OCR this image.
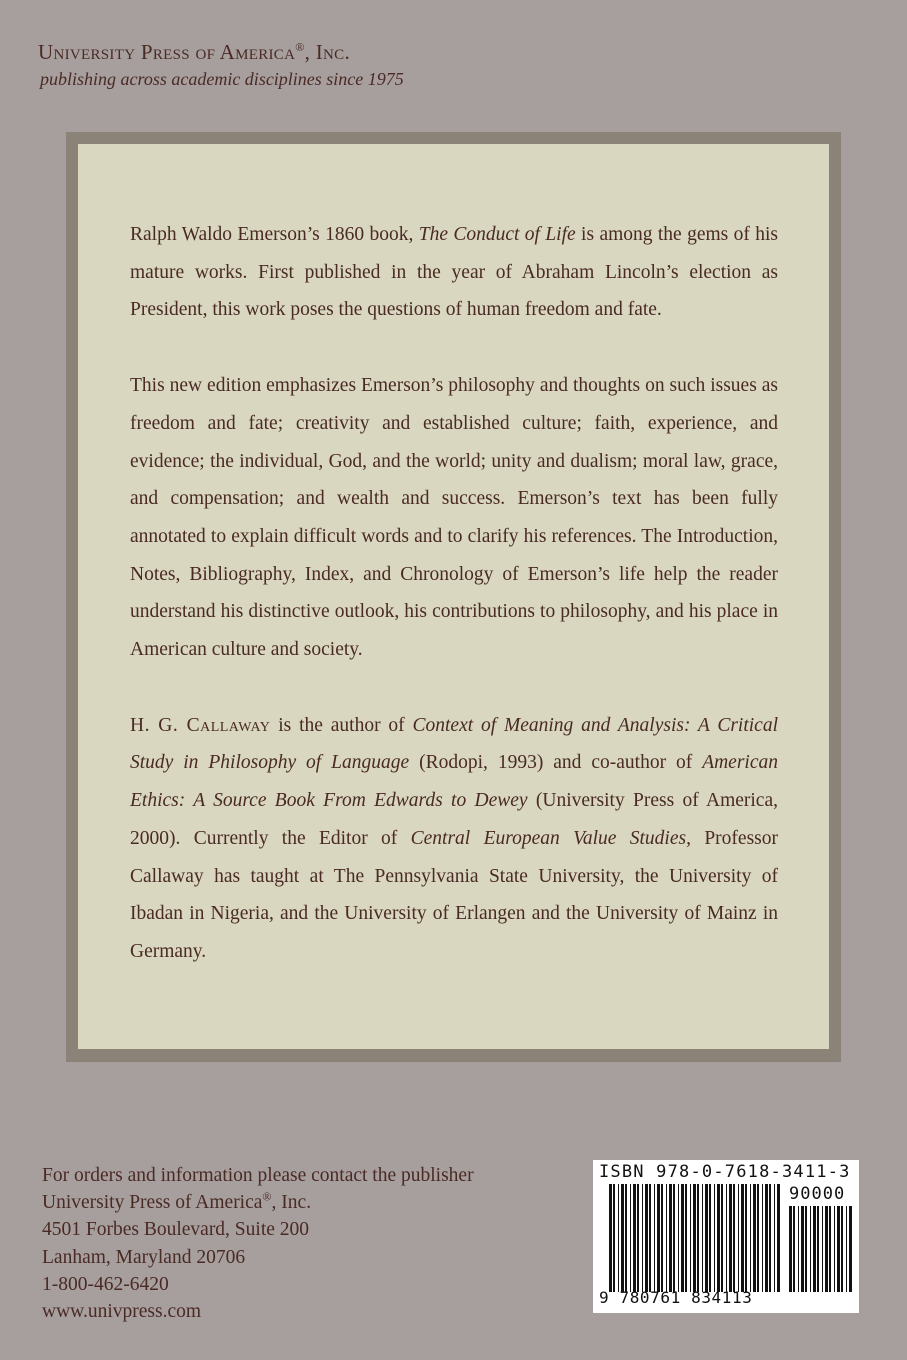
University Press of America®, Inc.
publishing across academic disciplines since 1975

Ralph Waldo Emerson’s 1860 book, The Conduct of Life is among the gems of his mature works. First published in the year of Abraham Lincoln’s election as President, this work poses the questions of human freedom and fate.

This new edition emphasizes Emerson’s philosophy and thoughts on such issues as freedom and fate; creativity and established culture; faith, experience, and evidence; the individual, God, and the world; unity and dualism; moral law, grace, and compensation; and wealth and success. Emerson’s text has been fully annotated to explain difficult words and to clarify his references. The Introduction, Notes, Bibliography, Index, and Chronology of Emerson’s life help the reader understand his distinctive outlook, his contributions to philosophy, and his place in American culture and society.

H. G. Callaway is the author of Context of Meaning and Analysis: A Critical Study in Philosophy of Language (Rodopi, 1993) and co-author of American Ethics: A Source Book From Edwards to Dewey (University Press of America, 2000). Currently the Editor of Central European Value Studies, Professor Callaway has taught at The Pennsylvania State University, the University of Ibadan in Nigeria, and the University of Erlangen and the University of Mainz in Germany.

For orders and information please contact the publisher
University Press of America®, Inc.
4501 Forbes Boulevard, Suite 200
Lanham, Maryland 20706
1-800-462-6420
www.univpress.com
ISBN 978-0-7618-3411-3
90000
9 780761 834113
